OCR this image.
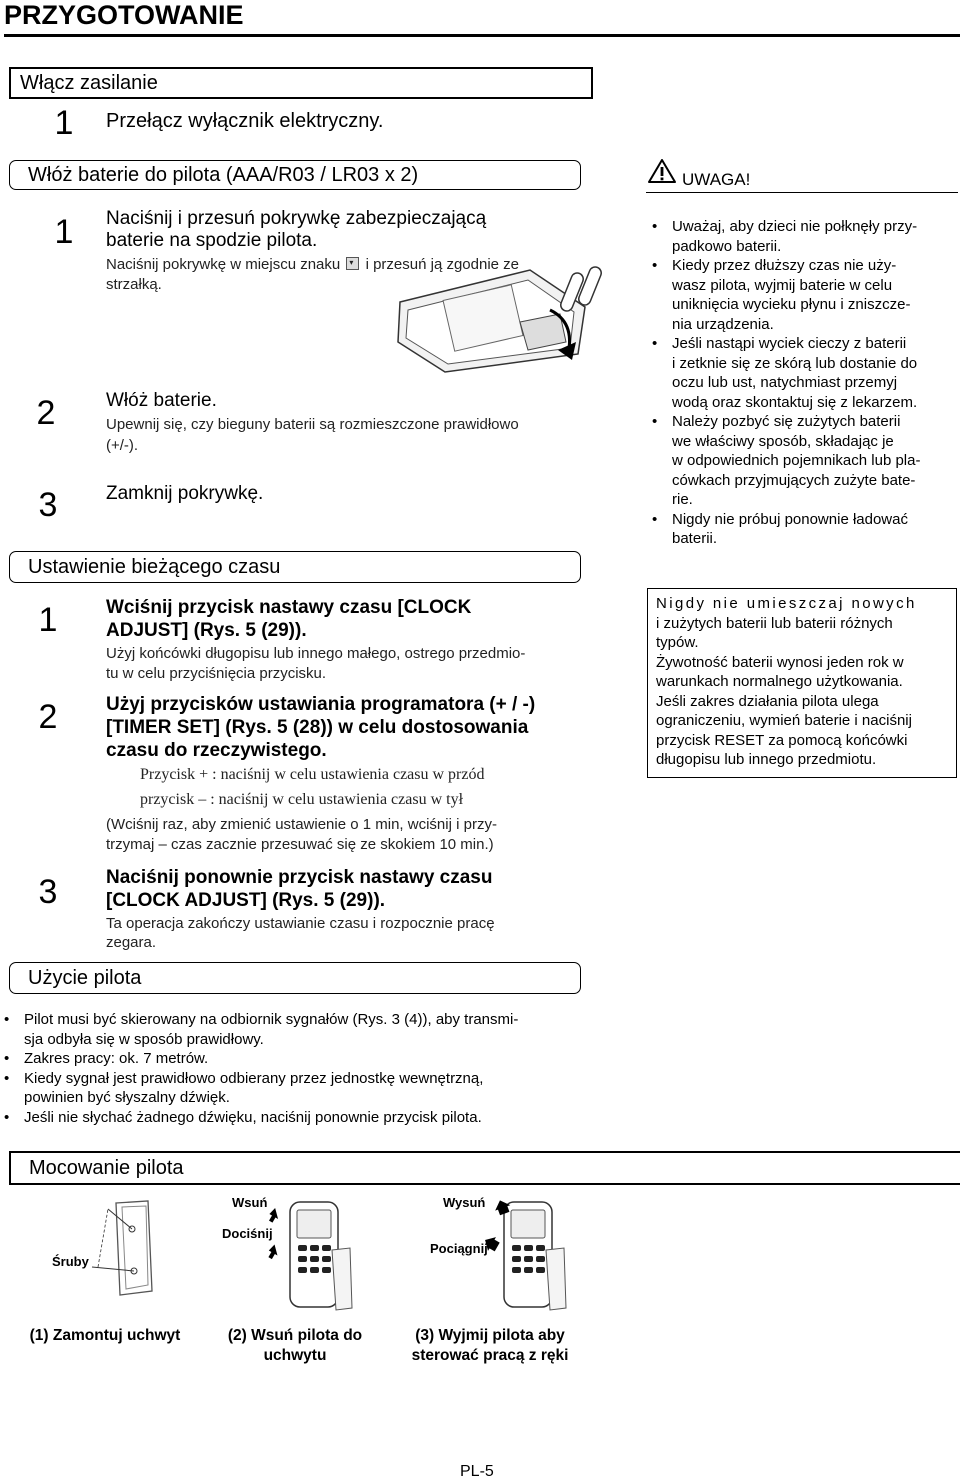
PRZYGOTOWANIE
Włącz zasilanie
1	Przełącz wyłącznik elektryczny.
Włóż baterie do pilota (AAA/R03 / LR03 x 2)
1	Naciśnij i przesuń pokrywkę zabezpieczającą
baterie na spodzie pilota.
Naciśnij pokrywkę w miejscu znaku ▾ i przesuń ją zgodnie ze
strzałką.
2	Włóż baterie.
Upewnij się, czy bieguny baterii są rozmieszczone prawidłowo
(+/-).
3	Zamknij pokrywkę.
Ustawienie bieżącego czasu
1	Wciśnij przycisk nastawy czasu [CLOCK
ADJUST] (Rys. 5 (29)).
Użyj końcówki długopisu lub innego małego, ostrego przedmio-
tu w celu przyciśnięcia przycisku.
2	Użyj przycisków ustawiania programatora (+ / -)
[TIMER SET] (Rys. 5 (28)) w celu dostosowania
czasu do rzeczywistego.
Przycisk + : naciśnij w celu ustawienia czasu w przód
przycisk – : naciśnij w celu ustawienia czasu w tył
(Wciśnij raz, aby zmienić ustawienie o 1 min, wciśnij i przy-
trzymaj – czas zacznie przesuwać się ze skokiem 10 min.)
3	Naciśnij ponownie przycisk nastawy czasu
[CLOCK ADJUST] (Rys. 5 (29)).
Ta operacja zakończy ustawianie czasu i rozpocznie pracę
zegara.
Użycie pilota
• Pilot musi być skierowany na odbiornik sygnałów (Rys. 3 (4)), aby transmi-
sja odbyła się w sposób prawidłowy.
• Zakres pracy: ok. 7 metrów.
• Kiedy sygnał jest prawidłowo odbierany przez jednostkę wewnętrzną,
powinien być słyszalny dźwięk.
• Jeśli nie słychać żadnego dźwięku, naciśnij ponownie przycisk pilota.
Mocowanie pilota
Śruby
Wsuń
Dociśnij
Wysuń
Pociągnij
(1) Zamontuj uchwyt	(2) Wsuń pilota do
uchwytu
(3) Wyjmij pilota aby
sterować pracą z ręki
UWAGA!
• Uważaj, aby dzieci nie połknęły przy-
padkowo baterii.
• Kiedy przez dłuższy czas nie uży-
wasz pilota, wyjmij baterie w celu
uniknięcia wycieku płynu i zniszcze-
nia urządzenia.
• Jeśli nastąpi wyciek cieczy z baterii
i zetknie się ze skórą lub dostanie do
oczu lub ust, natychmiast przemyj
wodą oraz skontaktuj się z lekarzem.
• Należy pozbyć się zużytych baterii
we właściwy sposób, składając je
w odpowiednich pojemnikach lub pla-
cówkach przyjmujących zużyte bate-
rie.
• Nigdy nie próbuj ponownie ładować
baterii.
Nigdy nie umieszczaj nowych
i zużytych baterii lub baterii różnych
typów.
Żywotność baterii wynosi jeden rok w
warunkach normalnego użytkowania.
Jeśli zakres działania pilota ulega
ograniczeniu, wymień baterie i naciśnij
przycisk RESET za pomocą końcówki
długopisu lub innego przedmiotu.
PL-5
